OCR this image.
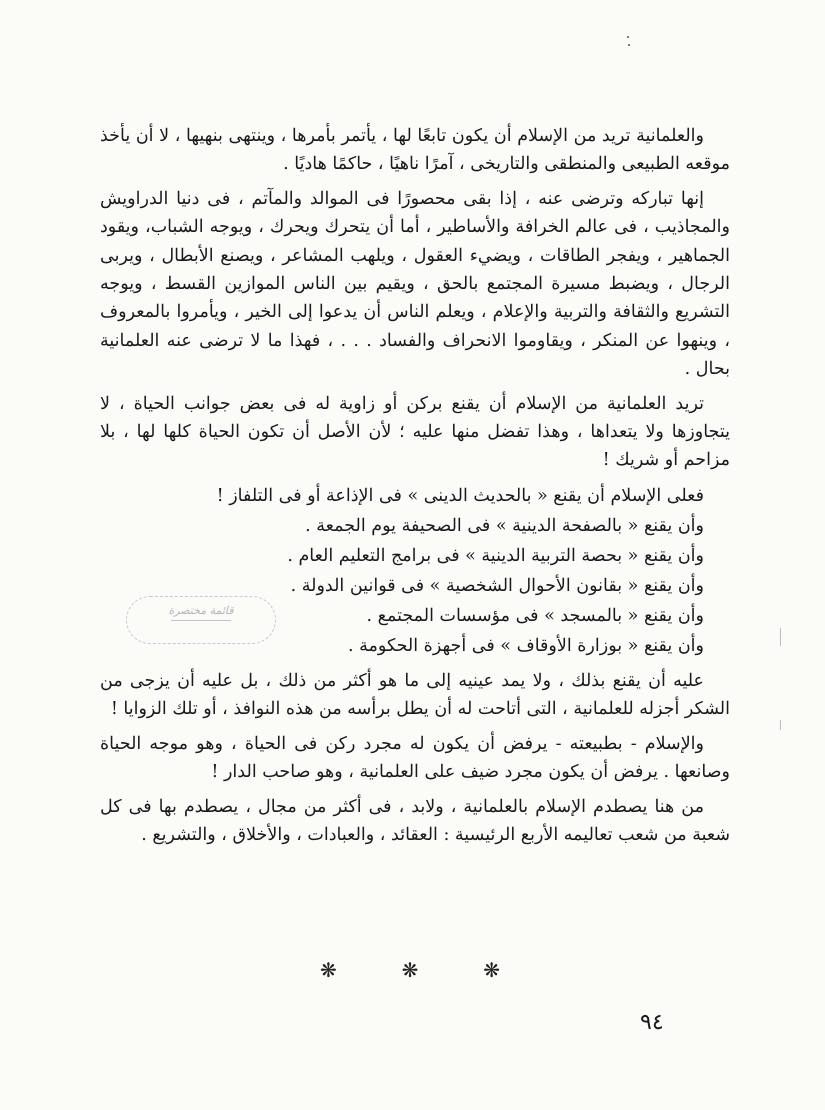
والعلمانية تريد من الإسلام أن يكون تابعًا لها ، يأتمر بأمرها ، وينتهى بنهيها ، لا أن يأخذ موقعه الطبيعى والمنطقى والتاريخى ، آمرًا ناهيًا ، حاكمًا هاديًا .

إنها تباركه وترضى عنه ، إذا بقى محصورًا فى الموالد والمآتم ، فى دنيا الدراويش والمجاذيب ، فى عالم الخرافة والأساطير ، أما أن يتحرك ويحرك ، ويوجه الشباب، ويقود الجماهير ، ويفجر الطاقات ، ويضيء العقول ، ويلهب المشاعر ، ويصنع الأبطال ، ويربى الرجال ، ويضبط مسيرة المجتمع بالحق ، ويقيم بين الناس الموازين القسط ، ويوجه التشريع والثقافة والتربية والإعلام ، ويعلم الناس أن يدعوا إلى الخير ، ويأمروا بالمعروف ، وينهوا عن المنكر ، ويقاوموا الانحراف والفساد . . . ، فهذا ما لا ترضى عنه العلمانية بحال .

تريد العلمانية من الإسلام أن يقنع بركن أو زاوية له فى بعض جوانب الحياة ، لا يتجاوزها ولا يتعداها ، وهذا تفضل منها عليه ؛ لأن الأصل أن تكون الحياة كلها لها ، بلا مزاحم أو شريك !

فعلى الإسلام أن يقنع « بالحديث الدينى » فى الإذاعة أو فى التلفاز !
وأن يقنع « بالصفحة الدينية » فى الصحيفة يوم الجمعة .
وأن يقنع « بحصة التربية الدينية » فى برامج التعليم العام .
وأن يقنع « بقانون الأحوال الشخصية » فى قوانين الدولة .
وأن يقنع « بالمسجد » فى مؤسسات المجتمع .
وأن يقنع « بوزارة الأوقاف » فى أجهزة الحكومة .

عليه أن يقنع بذلك ، ولا يمد عينيه إلى ما هو أكثر من ذلك ، بل عليه أن يزجى من الشكر أجزله للعلمانية ، التى أتاحت له أن يطل برأسه من هذه النوافذ ، أو تلك الزوايا !

والإسلام - بطبيعته - يرفض أن يكون له مجرد ركن فى الحياة ، وهو موجه الحياة وصانعها . يرفض أن يكون مجرد ضيف على العلمانية ، وهو صاحب الدار !

من هنا يصطدم الإسلام بالعلمانية ، ولابد ، فى أكثر من مجال ، يصطدم بها فى كل شعبة من شعب تعاليمه الأربع الرئيسية : العقائد ، والعبادات ، والأخلاق ، والتشريع .

قائمة مختصرة
❋	❋	❋
٩٤
